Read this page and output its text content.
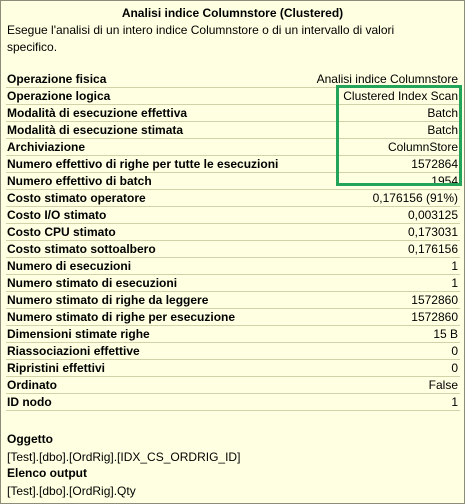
Analisi indice Columnstore (Clustered)
Esegue l'analisi di un intero indice Columnstore o di un intervallo di valori specifico.
Operazione fisica	Analisi indice Columnstore
Operazione logica	Clustered Index Scan
Modalità di esecuzione effettiva	Batch
Modalità di esecuzione stimata	Batch
Archiviazione	ColumnStore
Numero effettivo di righe per tutte le esecuzioni	1572864
Numero effettivo di batch	1954
Costo stimato operatore	0,176156 (91%)
Costo I/O stimato	0,003125
Costo CPU stimato	0,173031
Costo stimato sottoalbero	0,176156
Numero di esecuzioni	1
Numero stimato di esecuzioni	1
Numero stimato di righe da leggere	1572860
Numero stimato di righe per esecuzione	1572860
Dimensioni stimate righe	15 B
Riassociazioni effettive	0
Ripristini effettivi	0
Ordinato	False
ID nodo	1
Oggetto
[Test].[dbo].[OrdRig].[IDX_CS_ORDRIG_ID]
Elenco output
[Test].[dbo].[OrdRig].Qty
